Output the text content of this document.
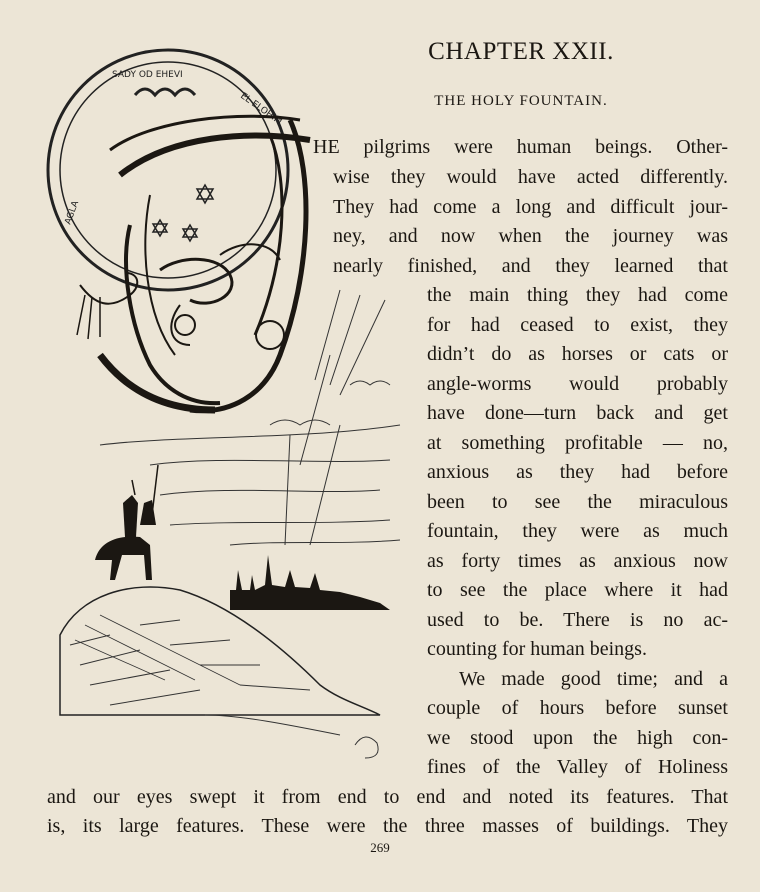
SADY OD EHEVI
EL ELOHIM
AGLA
CHAPTER XXII.
THE HOLY FOUNTAIN.
HE pilgrims were human beings. Other-
wise they would have acted differently.
They had come a long and difficult jour-
ney, and now when the journey was
nearly finished, and they learned that
the main thing they had come
for had ceased to exist, they
didn’t do as horses or cats or
angle-worms would probably
have done—turn back and get
at something profitable — no,
anxious as they had before
been to see the miraculous
fountain, they were as much
as forty times as anxious now
to see the place where it had
used to be. There is no ac-
counting for human beings.
We made good time; and a
couple of hours before sunset
we stood upon the high con-
fines of the Valley of Holiness
and our eyes swept it from end to end and noted its features. That
is, its large features. These were the three masses of buildings. They
269
